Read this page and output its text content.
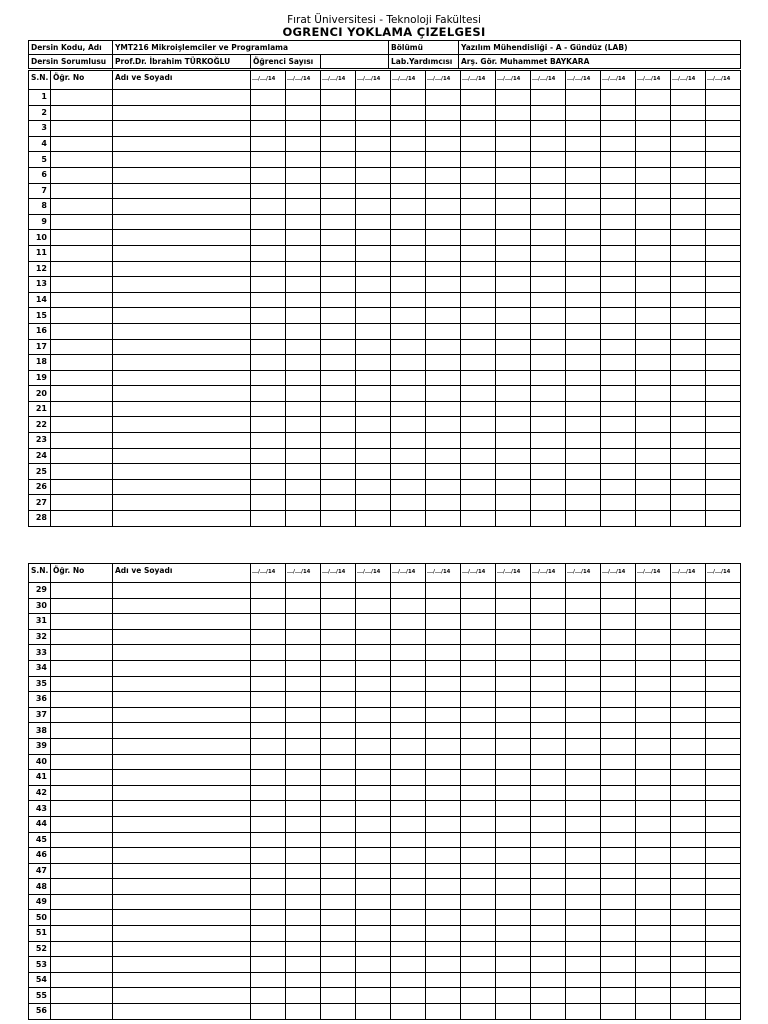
Fırat Üniversitesi - Teknoloji Fakültesi
OGRENCI YOKLAMA ÇIZELGESI
Dersin Kodu, Adı	YMT216 Mikroişlemciler ve Programlama			Bölümü	Yazılım Mühendisliği - A - Gündüz (LAB)
Dersin Sorumlusu	Prof.Dr. İbrahim TÜRKOĞLU	Öğrenci Sayısı		Lab.Yardımcısı	Arş. Gör. Muhammet BAYKARA
S.N.	Öğr. No	Adı ve Soyadı	.../.../14	.../.../14	.../.../14	.../.../14	.../.../14	.../.../14	.../.../14	.../.../14	.../.../14	.../.../14	.../.../14	.../.../14	.../.../14	.../.../14
1																
2																
3																
4																
5																
6																
7																
8																
9																
10																
11																
12																
13																
14																
15																
16																
17																
18																
19																
20																
21																
22																
23																
24																
25																
26																
27																
28																
S.N.	Öğr. No	Adı ve Soyadı	.../.../14	.../.../14	.../.../14	.../.../14	.../.../14	.../.../14	.../.../14	.../.../14	.../.../14	.../.../14	.../.../14	.../.../14	.../.../14	.../.../14
29																
30																
31																
32																
33																
34																
35																
36																
37																
38																
39																
40																
41																
42																
43																
44																
45																
46																
47																
48																
49																
50																
51																
52																
53																
54																
55																
56																
